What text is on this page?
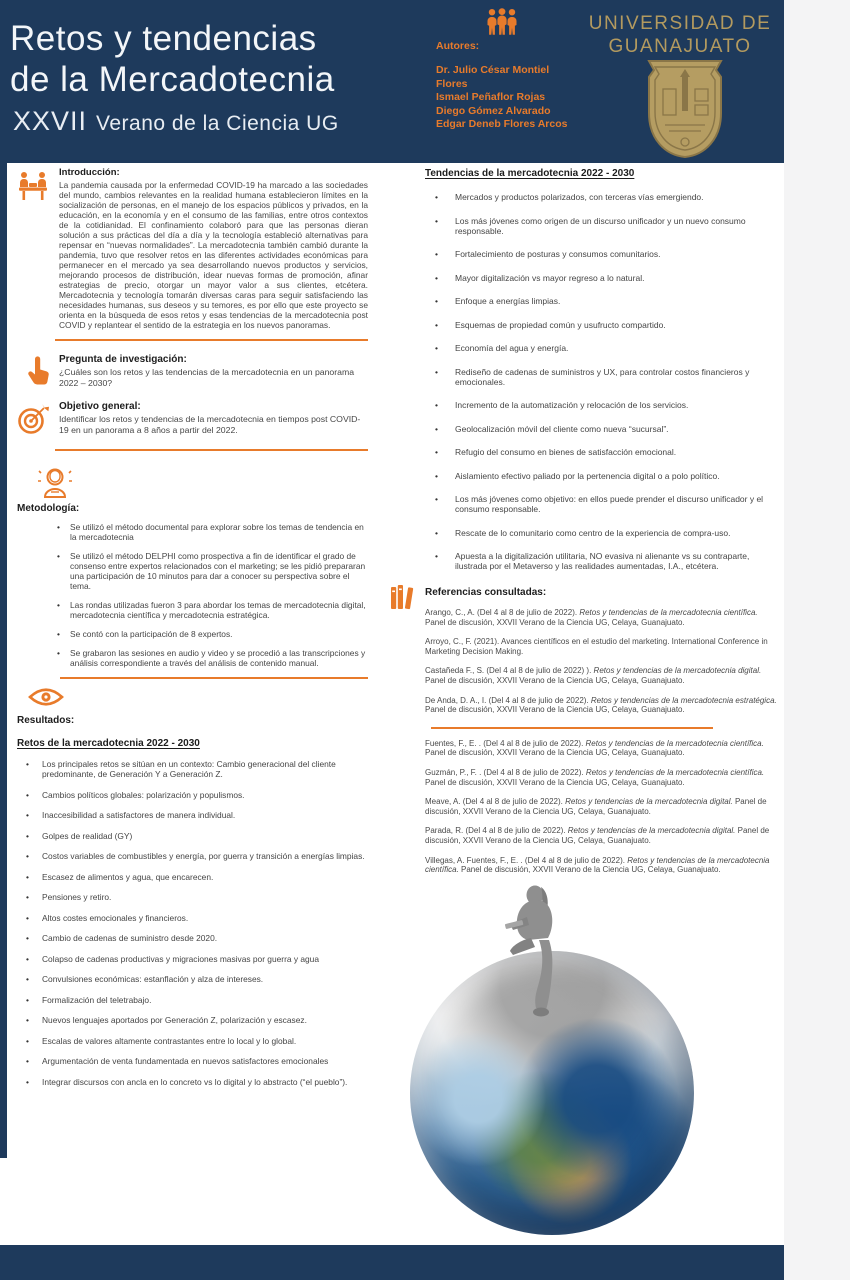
Retos y tendencias
de la Mercadotecnia
XXVII Verano de la Ciencia UG
Autores:
Dr. Julio César Montiel Flores
Ismael Peñaflor Rojas
Diego Gómez Alvarado
Edgar Deneb Flores Arcos
UNIVERSIDAD DE
GUANAJUATO
Introducción:

La pandemia causada por la enfermedad COVID-19 ha marcado a las sociedades del mundo, cambios relevantes en la realidad humana establecieron límites en la socialización de personas, en el manejo de los espacios públicos y privados, en la educación, en la economía y en el consumo de las familias, entre otros contextos de la cotidianidad. El confinamiento colaboró para que las personas dieran solución a sus prácticas del día a día y la tecnología estableció alternativas para repensar en “nuevas normalidades”. La mercadotecnia también cambió durante la pandemia, tuvo que resolver retos en las diferentes actividades económicas para permanecer en el mercado ya sea desarrollando nuevos productos y servicios, mejorando procesos de distribución, idear nuevas formas de promoción, afinar estrategias de precio, otorgar un mayor valor a sus clientes, etcétera. Mercadotecnia y tecnología tomarán diversas caras para seguir satisfaciendo las necesidades humanas, sus deseos y su temores, es por ello que este proyecto se orienta en la búsqueda de esos retos y esas tendencias de la mercadotecnia post COVID y replantear el sentido de la estrategia en los nuevos panoramas.

Pregunta de investigación:

¿Cuáles son los retos y las tendencias de la mercadotecnia en un panorama 2022 – 2030?

Objetivo general:

Identificar los retos y tendencias de la mercadotecnia en tiempos post COVID-19 en un panorama a 8 años a partir del 2022.

Metodología:
• Se utilizó el método documental para explorar sobre los temas de tendencia en la mercadotecnia
• Se utilizó el método DELPHI como prospectiva a fin de identificar el grado de consenso entre expertos relacionados con el marketing; se les pidió prepararan una participación de 10 minutos para dar a conocer su perspectiva sobre el tema.
• Las rondas utilizadas fueron 3 para abordar los temas de mercadotecnia digital, mercadotecnia científica y mercadotecnia estratégica.
• Se contó con la participación de 8 expertos.
• Se grabaron las sesiones en audio y video y se procedió a las transcripciones y análisis correspondiente a través del análisis de contenido manual.
Resultados:
Retos de la mercadotecnia 2022 - 2030
• Los principales retos se sitúan en un contexto: Cambio generacional del cliente predominante, de Generación Y a Generación Z.
• Cambios políticos globales: polarización y populismos.
• Inaccesibilidad a satisfactores de manera individual.
• Golpes de realidad (GY)
• Costos variables de combustibles y energía, por guerra y transición a energías limpias.
• Escasez de alimentos y agua, que encarecen.
• Pensiones y retiro.
• Altos costes emocionales y financieros.
• Cambio de cadenas de suministro desde 2020.
• Colapso de cadenas productivas y migraciones masivas por guerra y agua
• Convulsiones económicas: estanflación y alza de intereses.
• Formalización del teletrabajo.
• Nuevos lenguajes aportados por Generación Z, polarización y escasez.
• Escalas de valores altamente contrastantes entre lo local y lo global.
• Argumentación de venta fundamentada en nuevos satisfactores emocionales
• Integrar discursos con ancla en lo concreto vs lo digital y lo abstracto (“el pueblo”).
Tendencias de la mercadotecnia 2022 - 2030
• Mercados y productos polarizados, con terceras vías emergiendo.
• Los más jóvenes como origen de un discurso unificador y un nuevo consumo responsable.
• Fortalecimiento de posturas y consumos comunitarios.
• Mayor digitalización vs mayor regreso a lo natural.
• Enfoque a energías limpias.
• Esquemas de propiedad común y usufructo compartido.
• Economía del agua y energía.
• Rediseño de cadenas de suministros y UX, para controlar costos financieros y emocionales.
• Incremento de la automatización y relocación de los servicios.
• Geolocalización móvil del cliente como nueva “sucursal”.
• Refugio del consumo en bienes de satisfacción emocional.
• Aislamiento efectivo paliado por la pertenencia digital o a polo político.
• Los más jóvenes como objetivo: en ellos puede prender el discurso unificador y el consumo responsable.
• Rescate de lo comunitario como centro de la experiencia de compra-uso.
• Apuesta a la digitalización utilitaria, NO evasiva ni alienante vs su contraparte, ilustrada por el Metaverso y las realidades aumentadas, I.A., etcétera.
Referencias consultadas:

Arango, C., A. (Del 4 al 8 de julio de 2022). Retos y tendencias de la mercadotecnia científica. Panel de discusión, XXVII Verano de la Ciencia UG, Celaya, Guanajuato.

Arroyo, C., F. (2021). Avances científicos en el estudio del marketing. International Conference in Marketing Decision Making.

Castañeda F., S. (Del 4 al 8 de julio de 2022) ). Retos y tendencias de la mercadotecnia digital. Panel de discusión, XXVII Verano de la Ciencia UG, Celaya, Guanajuato.

De Anda, D. A., I. (Del 4 al 8 de julio de 2022). Retos y tendencias de la mercadotecnia estratégica. Panel de discusión, XXVII Verano de la Ciencia UG, Celaya, Guanajuato.

Fuentes, F., E. . (Del 4 al 8 de julio de 2022). Retos y tendencias de la mercadotecnia científica. Panel de discusión, XXVII Verano de la Ciencia UG, Celaya, Guanajuato.

Guzmán, P., F. . (Del 4 al 8 de julio de 2022). Retos y tendencias de la mercadotecnia científica. Panel de discusión, XXVII Verano de la Ciencia UG, Celaya, Guanajuato.

Meave, A. (Del 4 al 8 de julio de 2022). Retos y tendencias de la mercadotecnia digital. Panel de discusión, XXVII Verano de la Ciencia UG, Celaya, Guanajuato.

Parada, R. (Del 4 al 8 de julio de 2022). Retos y tendencias de la mercadotecnia digital. Panel de discusión, XXVII Verano de la Ciencia UG, Celaya, Guanajuato.

Villegas, A. Fuentes, F., E. . (Del 4 al 8 de julio de 2022). Retos y tendencias de la mercadotecnia científica. Panel de discusión, XXVII Verano de la Ciencia UG, Celaya, Guanajuato.
